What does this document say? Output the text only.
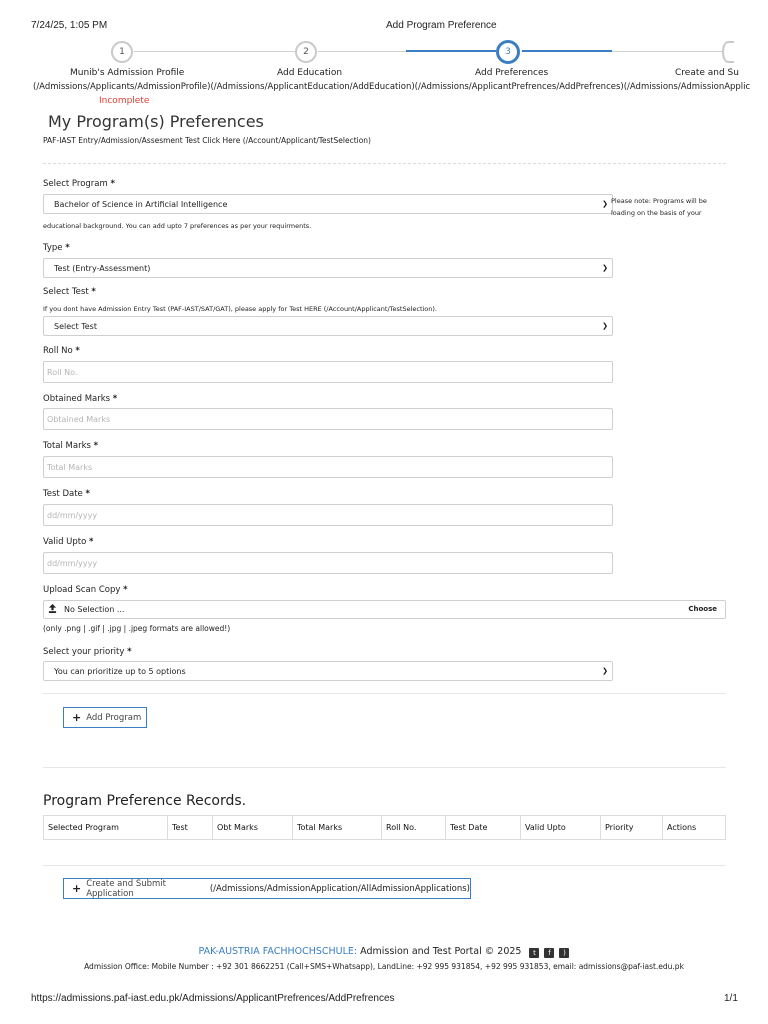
7/24/25, 1:05 PM	Add Program Preference
1	2	3
Munib's Admission Profile	Add Education	Add Preferences	Create and Su
(/Admissions/Applicants/AdmissionProfile)(/Admissions/ApplicantEducation/AddEducation)(/Admissions/ApplicantPrefrences/AddPrefrences)(/Admissions/AdmissionApplic
Incomplete
My Program(s) Preferences
PAF-IAST Entry/Admission/Assesment Test Click Here (/Account/Applicant/TestSelection)
Select Program *
Bachelor of Science in Artificial Intelligence	❯ Please note: Programs will be loading on the basis of your
educational background. You can add upto 7 preferences as per your requirments.
Type *
Test (Entry-Assessment)	❯
Select Test *
If you dont have Admission Entry Test (PAF-IAST/SAT/GAT), please apply for Test HERE (/Account/Applicant/TestSelection).
Select Test	❯
Roll No *
Roll No.
Obtained Marks *
Obtained Marks
Total Marks *
Total Marks
Test Date *
dd/mm/yyyy
Valid Upto *
dd/mm/yyyy
Upload Scan Copy *
No Selection ...	Choose
(only .png | .gif | .jpg | .jpeg formats are allowed!)
Select your priority *
You can prioritize up to 5 options	❯
+ Add Program
Program Preference Records.
Selected Program	Test	Obt Marks	Total Marks	Roll No.	Test Date	Valid Upto	Priority	Actions
+ Create and Submit Application	(/Admissions/AdmissionApplication/AllAdmissionApplications)
PAK-AUSTRIA FACHHOCHSCHULE: Admission and Test Portal © 2025 t f )
Admission Office: Mobile Number : +92 301 8662251 (Call+SMS+Whatsapp), LandLine: +92 995 931854, +92 995 931853, email: admissions@paf-iast.edu.pk
https://admissions.paf-iast.edu.pk/Admissions/ApplicantPrefrences/AddPrefrences	1/1
